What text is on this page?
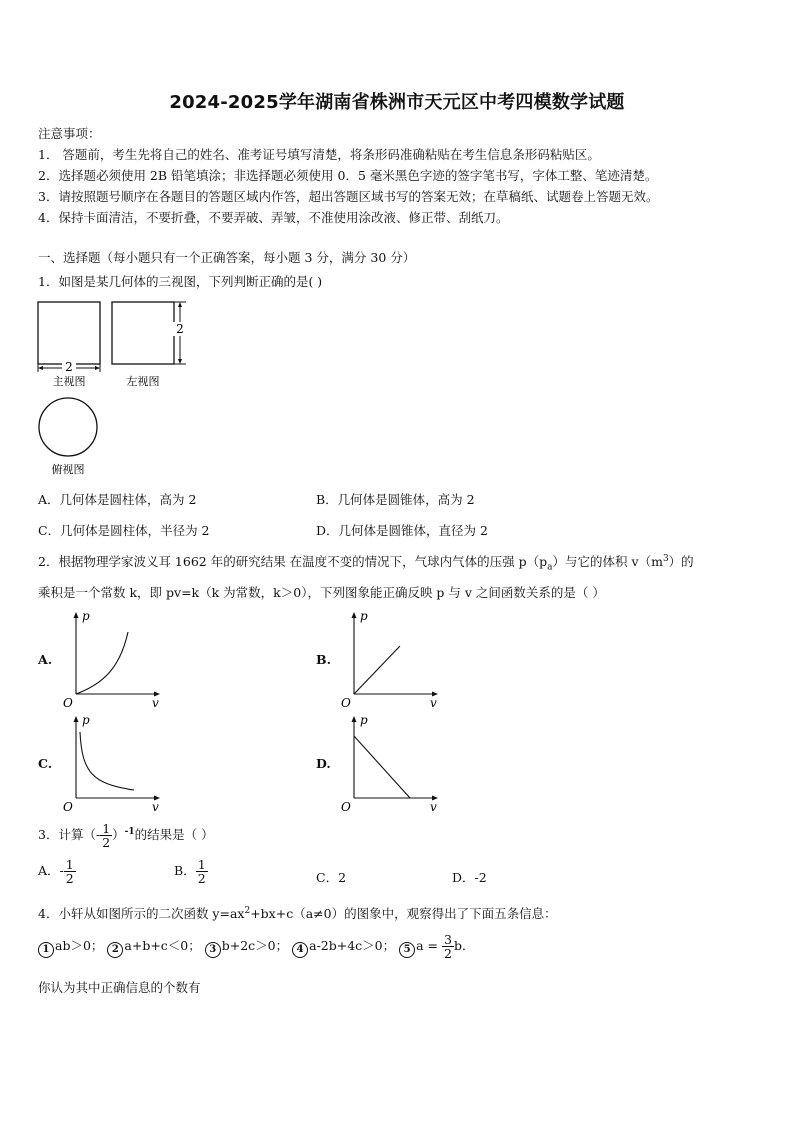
2024-2025学年湖南省株洲市天元区中考四模数学试题
注意事项：
1． 答题前，考生先将自己的姓名、准考证号填写清楚，将条形码准确粘贴在考生信息条形码粘贴区。
2．选择题必须使用 2B 铅笔填涂；非选择题必须使用 0．5 毫米黑色字迹的签字笔书写，字体工整、笔迹清楚。
3．请按照题号顺序在各题目的答题区域内作答，超出答题区域书写的答案无效；在草稿纸、试题卷上答题无效。
4．保持卡面清洁，不要折叠，不要弄破、弄皱，不准使用涂改液、修正带、刮纸刀。
一、选择题（每小题只有一个正确答案，每小题 3 分，满分 30 分）
1．如图是某几何体的三视图，下列判断正确的是( )
2
2
主视图	左视图
俯视图
A．几何体是圆柱体，高为 2	B．几何体是圆锥体，高为 2
C．几何体是圆柱体，半径为 2	D．几何体是圆锥体，直径为 2
2．根据物理学家波义耳 1662 年的研究结果 在温度不变的情况下，气球内气体的压强 $p(p_a)$与它的体积 $v(m^3)$的
乘积是一个常数 k，即 pv=k（k 为常数，k＞0），下列图象能正确反映 p 与 v 之间函数关系的是（ ）
A.	B.
C.	D.
p
v
O
p
v
O
p
v
O
p
v
O
3．计算（- $\frac{1}{2} )^{-1}$的结果是（ ）
A．- $\frac{1}{2}$	B． $\frac{1}{2}$	C．2	D．-2
4．小轩从如图所示的二次函数 $y=ax^2+bx+c(a\ne 0)$的图象中，观察得出了下面五条信息：
1 ab＞0； 2 a+b+c＜0； 3 b+2c＞0； 4 a-2b+4c＞0； 5 $a = \frac{3}{2}$ b．
你认为其中正确信息的个数有
